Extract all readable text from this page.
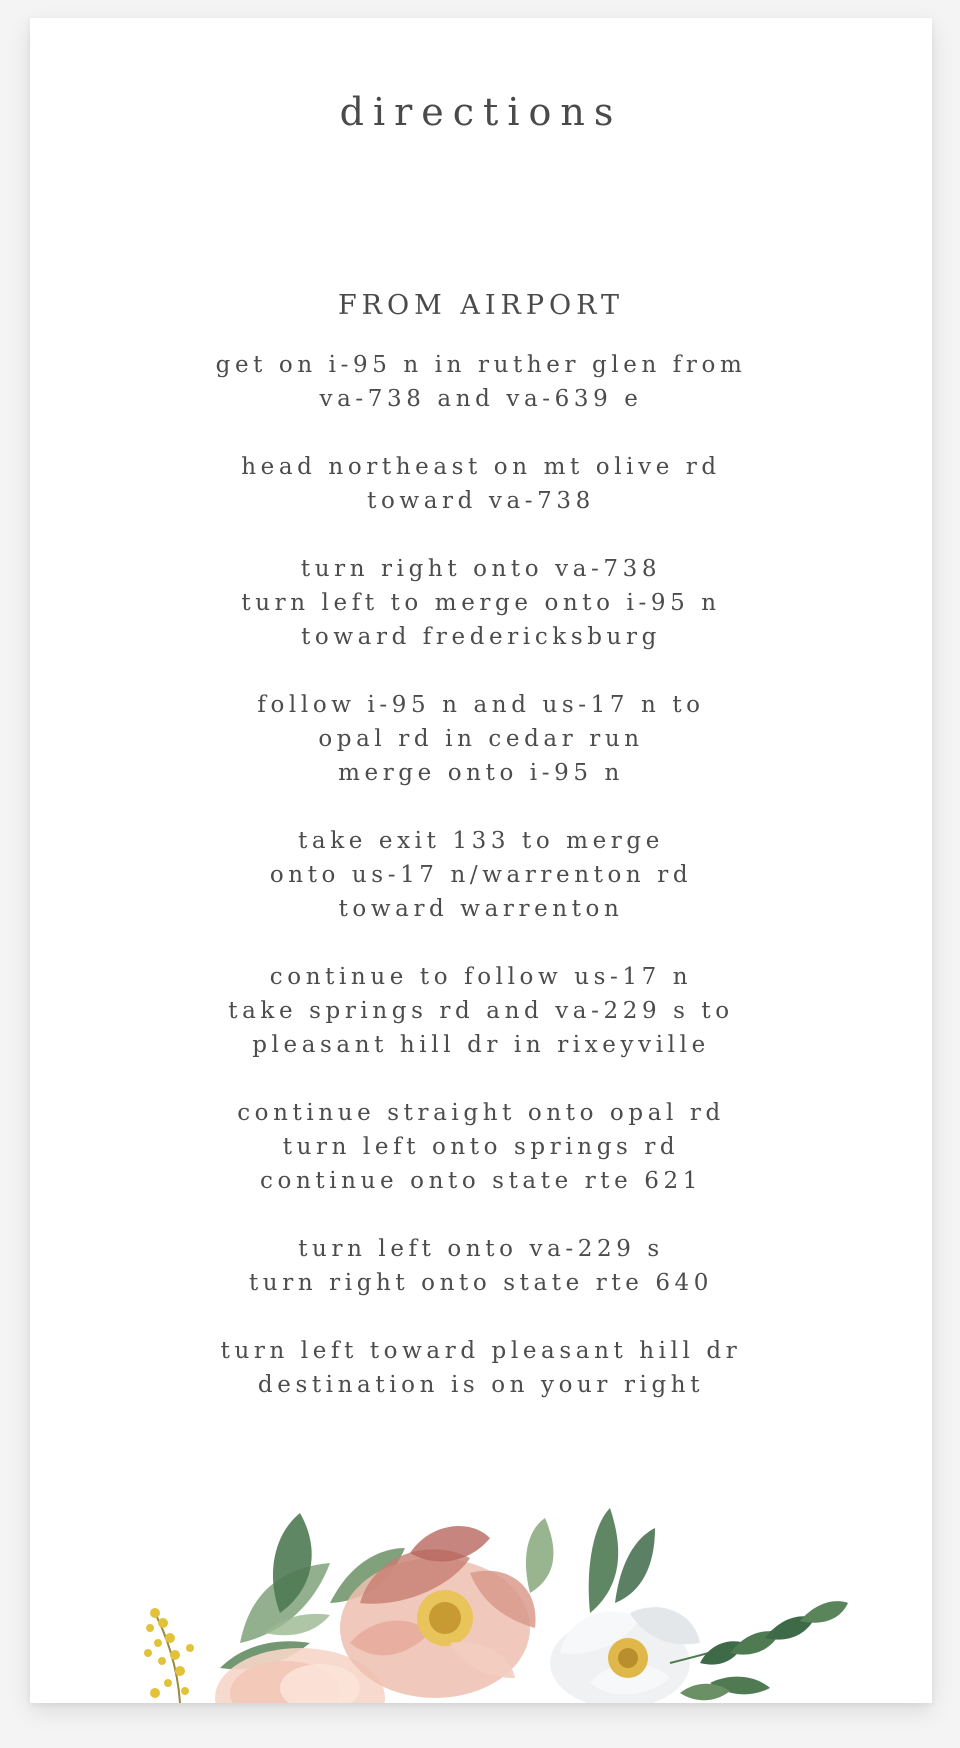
directions
FROM AIRPORT
get on i-95 n in ruther glen from
va-738 and va-639 e
head northeast on mt olive rd
toward va-738
turn right onto va-738
turn left to merge onto i-95 n
toward fredericksburg
follow i-95 n and us-17 n to
opal rd in cedar run
merge onto i-95 n
take exit 133 to merge
onto us-17 n/warrenton rd
toward warrenton
continue to follow us-17 n
take springs rd and va-229 s to
pleasant hill dr in rixeyville
continue straight onto opal rd
turn left onto springs rd
continue onto state rte 621
turn left onto va-229 s
turn right onto state rte 640
turn left toward pleasant hill dr
destination is on your right
